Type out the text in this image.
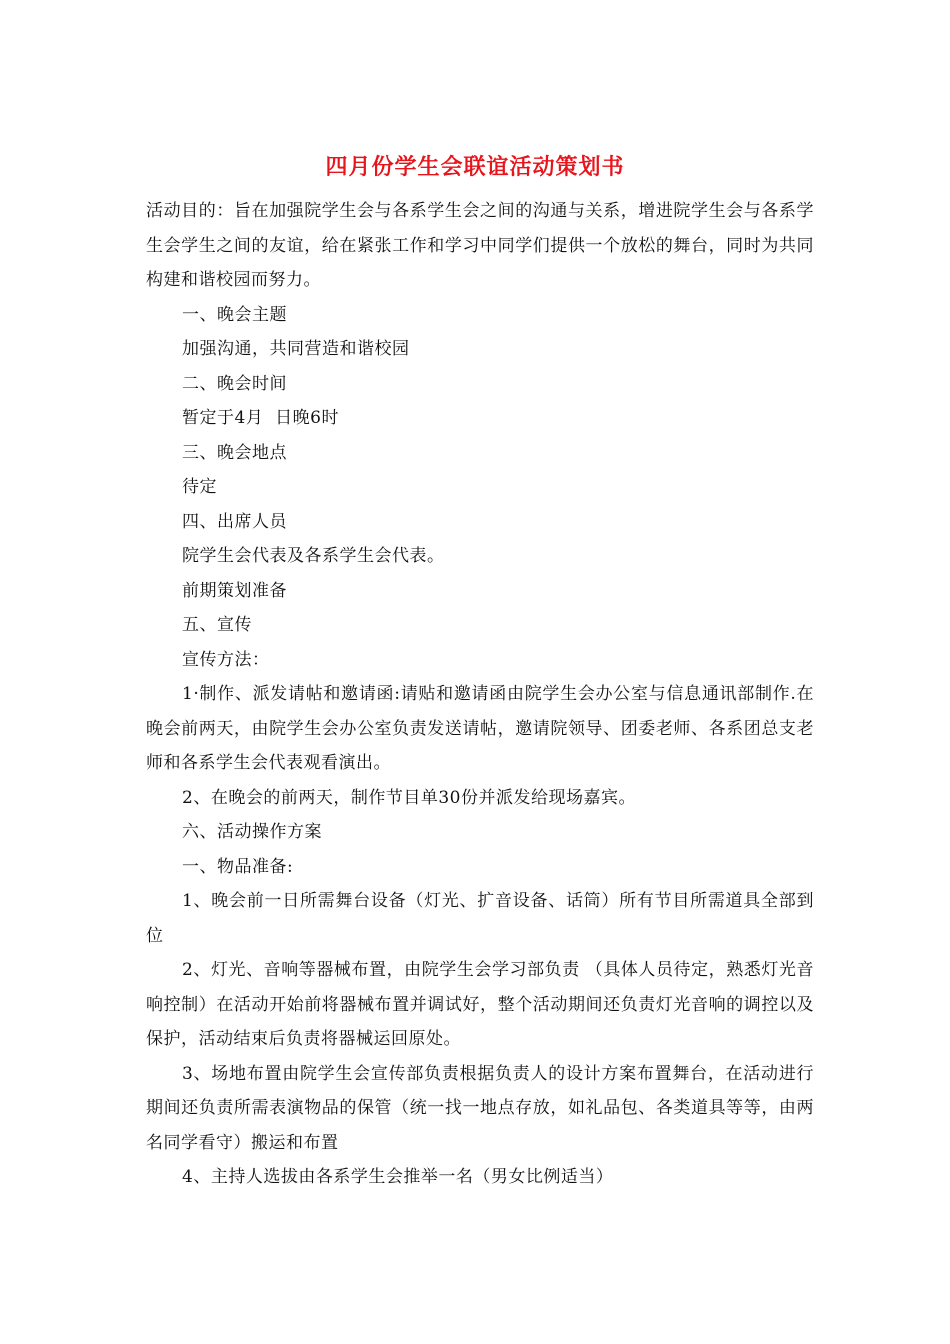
四月份学生会联谊活动策划书

活动目的：旨在加强院学生会与各系学生会之间的沟通与关系，增进院学生会与各系学生会学生之间的友谊，给在紧张工作和学习中同学们提供一个放松的舞台，同时为共同构建和谐校园而努力。

一、晚会主题

加强沟通，共同营造和谐校园

二、晚会时间

暂定于4月  日晚6时

三、晚会地点

待定

四、出席人员

院学生会代表及各系学生会代表。

前期策划准备

五、宣传

宣传方法：

1·制作、派发请帖和邀请函:请贴和邀请函由院学生会办公室与信息通讯部制作.在晚会前两天，由院学生会办公室负责发送请帖，邀请院领导、团委老师、各系团总支老师和各系学生会代表观看演出。

2、在晚会的前两天，制作节目单30份并派发给现场嘉宾。

六、活动操作方案

一、物品准备:

1、晚会前一日所需舞台设备（灯光、扩音设备、话筒）所有节目所需道具全部到位

2、灯光、音响等器械布置，由院学生会学习部负责 （具体人员待定，熟悉灯光音响控制）在活动开始前将器械布置并调试好，整个活动期间还负责灯光音响的调控以及保护，活动结束后负责将器械运回原处。

3、场地布置由院学生会宣传部负责根据负责人的设计方案布置舞台，在活动进行期间还负责所需表演物品的保管（统一找一地点存放，如礼品包、各类道具等等，由两名同学看守）搬运和布置

4、主持人选拔由各系学生会推举一名（男女比例适当）
